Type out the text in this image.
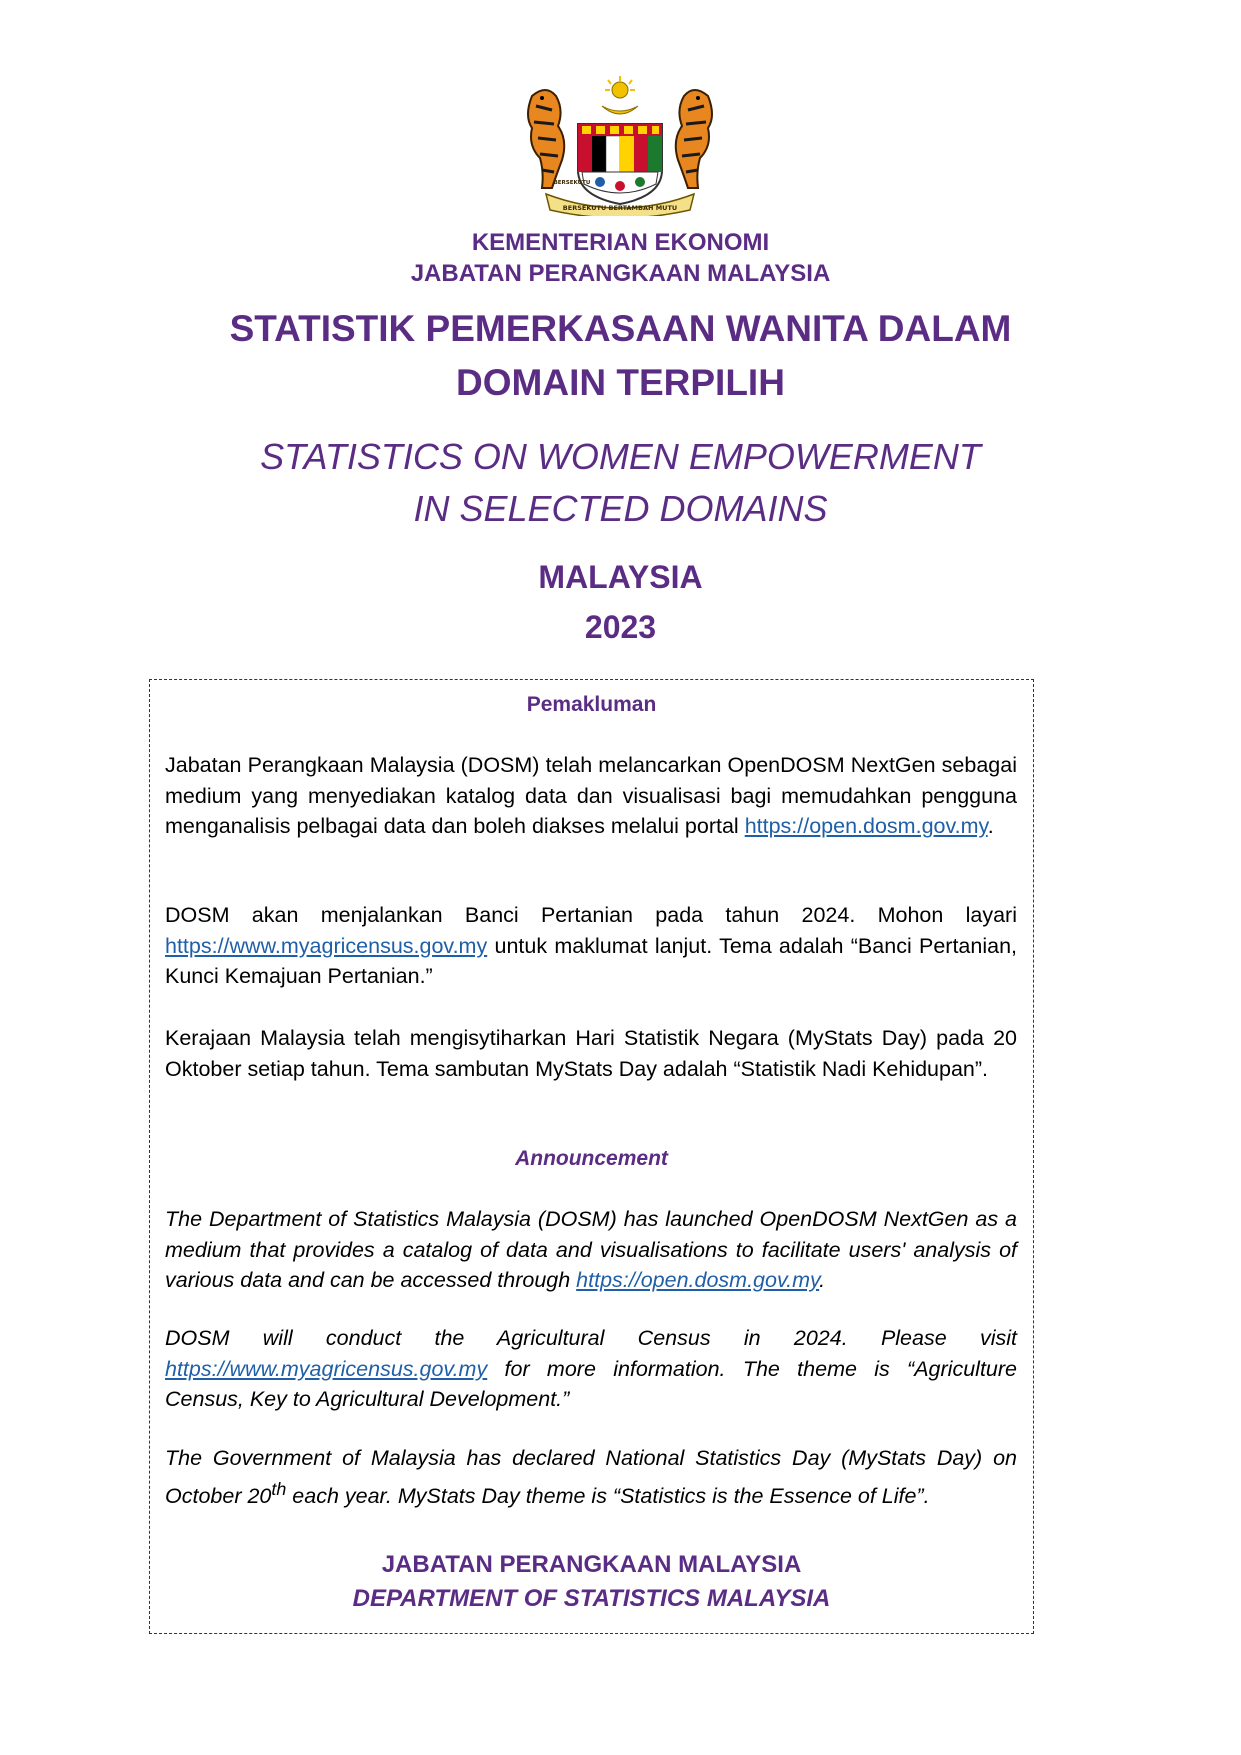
BERSEKUTU BERTAMBAH MUTU
BERSEKUTU
KEMENTERIAN EKONOMI
JABATAN PERANGKAAN MALAYSIA
STATISTIK PEMERKASAAN WANITA DALAM
DOMAIN TERPILIH
STATISTICS ON WOMEN EMPOWERMENT
IN SELECTED DOMAINS
MALAYSIA
2023
Pemakluman

Jabatan Perangkaan Malaysia (DOSM) telah melancarkan OpenDOSM NextGen sebagai medium yang menyediakan katalog data dan visualisasi bagi memudahkan pengguna menganalisis pelbagai data dan boleh diakses melalui portal https://open.dosm.gov.my.

DOSM akan menjalankan Banci Pertanian pada tahun 2024. Mohon layari https://www.myagricensus.gov.my untuk maklumat lanjut. Tema adalah “Banci Pertanian, Kunci Kemajuan Pertanian.”

Kerajaan Malaysia telah mengisytiharkan Hari Statistik Negara (MyStats Day) pada 20 Oktober setiap tahun. Tema sambutan MyStats Day adalah “Statistik Nadi Kehidupan”.

Announcement

The Department of Statistics Malaysia (DOSM) has launched OpenDOSM NextGen as a medium that provides a catalog of data and visualisations to facilitate users' analysis of various data and can be accessed through https://open.dosm.gov.my.

DOSM will conduct the Agricultural Census in 2024. Please visit https://www.myagricensus.gov.my for more information. The theme is “Agriculture Census, Key to Agricultural Development.”

The Government of Malaysia has declared National Statistics Day (MyStats Day) on October 20th each year. MyStats Day theme is “Statistics is the Essence of Life”.

JABATAN PERANGKAAN MALAYSIA
DEPARTMENT OF STATISTICS MALAYSIA
